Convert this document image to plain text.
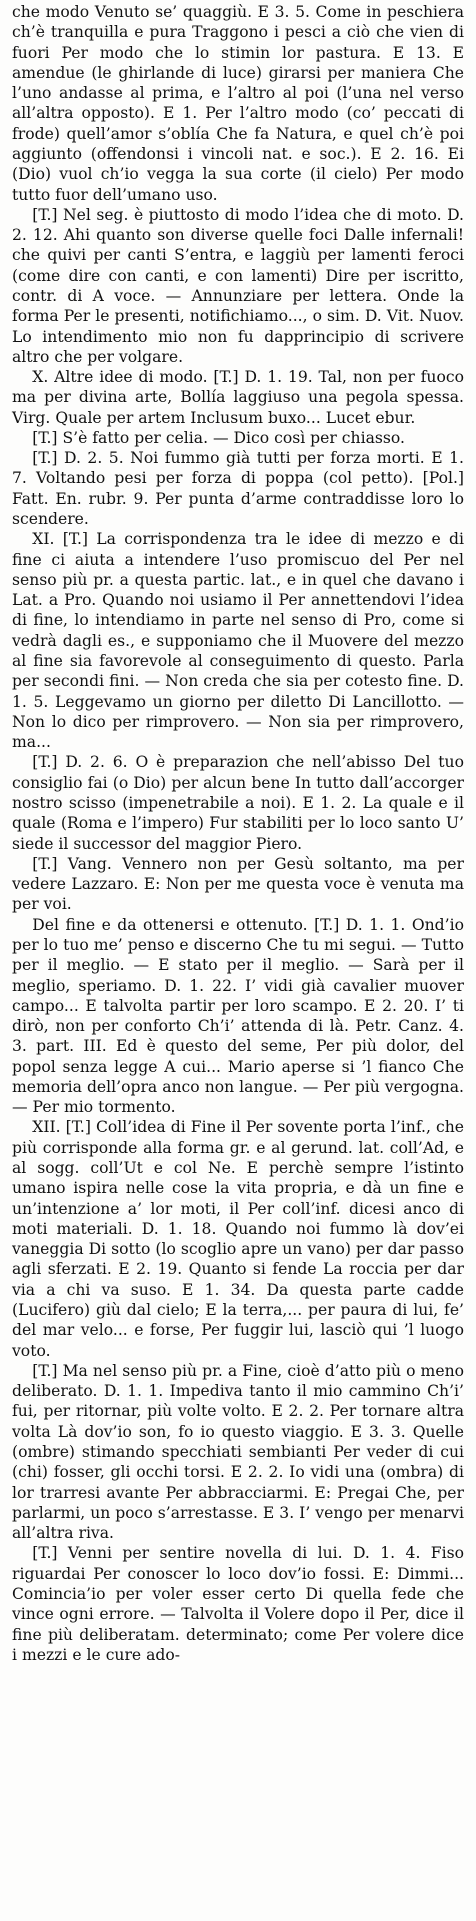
che modo Venuto se’ quaggiù. E 3. 5. Come in peschiera ch’è tranquilla e pura Traggono i pesci a ciò che vien di fuori Per modo che lo stimin lor pastura. E 13. E amendue (le ghirlande di luce) girarsi per maniera Che l’uno andasse al prima, e l’altro al poi (l’una nel verso all’altra opposto). E 1. Per l’altro modo (co’ peccati di frode) quell’amor s’oblía Che fa Natura, e quel ch’è poi aggiunto (offendonsi i vincoli nat. e soc.). E 2. 16. Ei (Dio) vuol ch’io vegga la sua corte (il cielo) Per modo tutto fuor dell’umano uso.

[T.] Nel seg. è piuttosto di modo l’idea che di moto. D. 2. 12. Ahi quanto son diverse quelle foci Dalle infernali! che quivi per canti S’entra, e laggiù per lamenti feroci (come dire con canti, e con lamenti) Dire per iscritto, contr. di A voce. — Annunziare per lettera. Onde la forma Per le presenti, notifichiamo..., o sim. D. Vit. Nuov. Lo intendimento mio non fu dapprincipio di scrivere altro che per volgare.

X. Altre idee di modo. [T.] D. 1. 19. Tal, non per fuoco ma per divina arte, Bollía laggiuso una pegola spessa. Virg. Quale per artem Inclusum buxo... Lucet ebur.

[T.] S’è fatto per celia. — Dico così per chiasso.

[T.] D. 2. 5. Noi fummo già tutti per forza morti. E 1. 7. Voltando pesi per forza di poppa (col petto). [Pol.] Fatt. En. rubr. 9. Per punta d’arme contraddisse loro lo scendere.

XI. [T.] La corrispondenza tra le idee di mezzo e di fine ci aiuta a intendere l’uso promiscuo del Per nel senso più pr. a questa partic. lat., e in quel che davano i Lat. a Pro. Quando noi usiamo il Per annettendovi l’idea di fine, lo intendiamo in parte nel senso di Pro, come si vedrà dagli es., e supponiamo che il Muovere del mezzo al fine sia favorevole al conseguimento di questo. Parla per secondi fini. — Non creda che sia per cotesto fine. D. 1. 5. Leggevamo un giorno per diletto Di Lancillotto. — Non lo dico per rimprovero. — Non sia per rimprovero, ma...

[T.] D. 2. 6. O è preparazion che nell’abisso Del tuo consiglio fai (o Dio) per alcun bene In tutto dall’accorger nostro scisso (impenetrabile a noi). E 1. 2. La quale e il quale (Roma e l’impero) Fur stabiliti per lo loco santo U’ siede il successor del maggior Piero.

[T.] Vang. Vennero non per Gesù soltanto, ma per vedere Lazzaro. E: Non per me questa voce è venuta ma per voi.

Del fine e da ottenersi e ottenuto. [T.] D. 1. 1. Ond’io per lo tuo me’ penso e discerno Che tu mi segui. — Tutto per il meglio. — E stato per il meglio. — Sarà per il meglio, speriamo. D. 1. 22. I’ vidi già cavalier muover campo... E talvolta partir per loro scampo. E 2. 20. I’ ti dirò, non per conforto Ch’i’ attenda di là. Petr. Canz. 4. 3. part. III. Ed è questo del seme, Per più dolor, del popol senza legge A cui... Mario aperse si ’l fianco Che memoria dell’opra anco non langue. — Per più vergogna. — Per mio tormento.

XII. [T.] Coll’idea di Fine il Per sovente porta l’inf., che più corrisponde alla forma gr. e al gerund. lat. coll’Ad, e al sogg. coll’Ut e col Ne. E perchè sempre l’istinto umano ispira nelle cose la vita propria, e dà un fine e un’intenzione a’ lor moti, il Per coll’inf. dicesi anco di moti materiali. D. 1. 18. Quando noi fummo là dov’ei vaneggia Di sotto (lo scoglio apre un vano) per dar passo agli sferzati. E 2. 19. Quanto si fende La roccia per dar via a chi va suso. E 1. 34. Da questa parte cadde (Lucifero) giù dal cielo; E la terra,... per paura di lui, fe’ del mar velo... e forse, Per fuggir lui, lasciò qui ’l luogo voto.

[T.] Ma nel senso più pr. a Fine, cioè d’atto più o meno deliberato. D. 1. 1. Impediva tanto il mio cammino Ch’i’ fui, per ritornar, più volte volto. E 2. 2. Per tornare altra volta Là dov’io son, fo io questo viaggio. E 3. 3. Quelle (ombre) stimando specchiati sembianti Per veder di cui (chi) fosser, gli occhi torsi. E 2. 2. Io vidi una (ombra) di lor trarresi avante Per abbracciarmi. E: Pregai Che, per parlarmi, un poco s’arrestasse. E 3. I’ vengo per menarvi all’altra riva.

[T.] Venni per sentire novella di lui. D. 1. 4. Fiso riguardai Per conoscer lo loco dov’io fossi. E: Dimmi... Comincia’io per voler esser certo Di quella fede che vince ogni errore. — Talvolta il Volere dopo il Per, dice il fine più deliberatam. determinato; come Per volere dice i mezzi e le cure ado-
